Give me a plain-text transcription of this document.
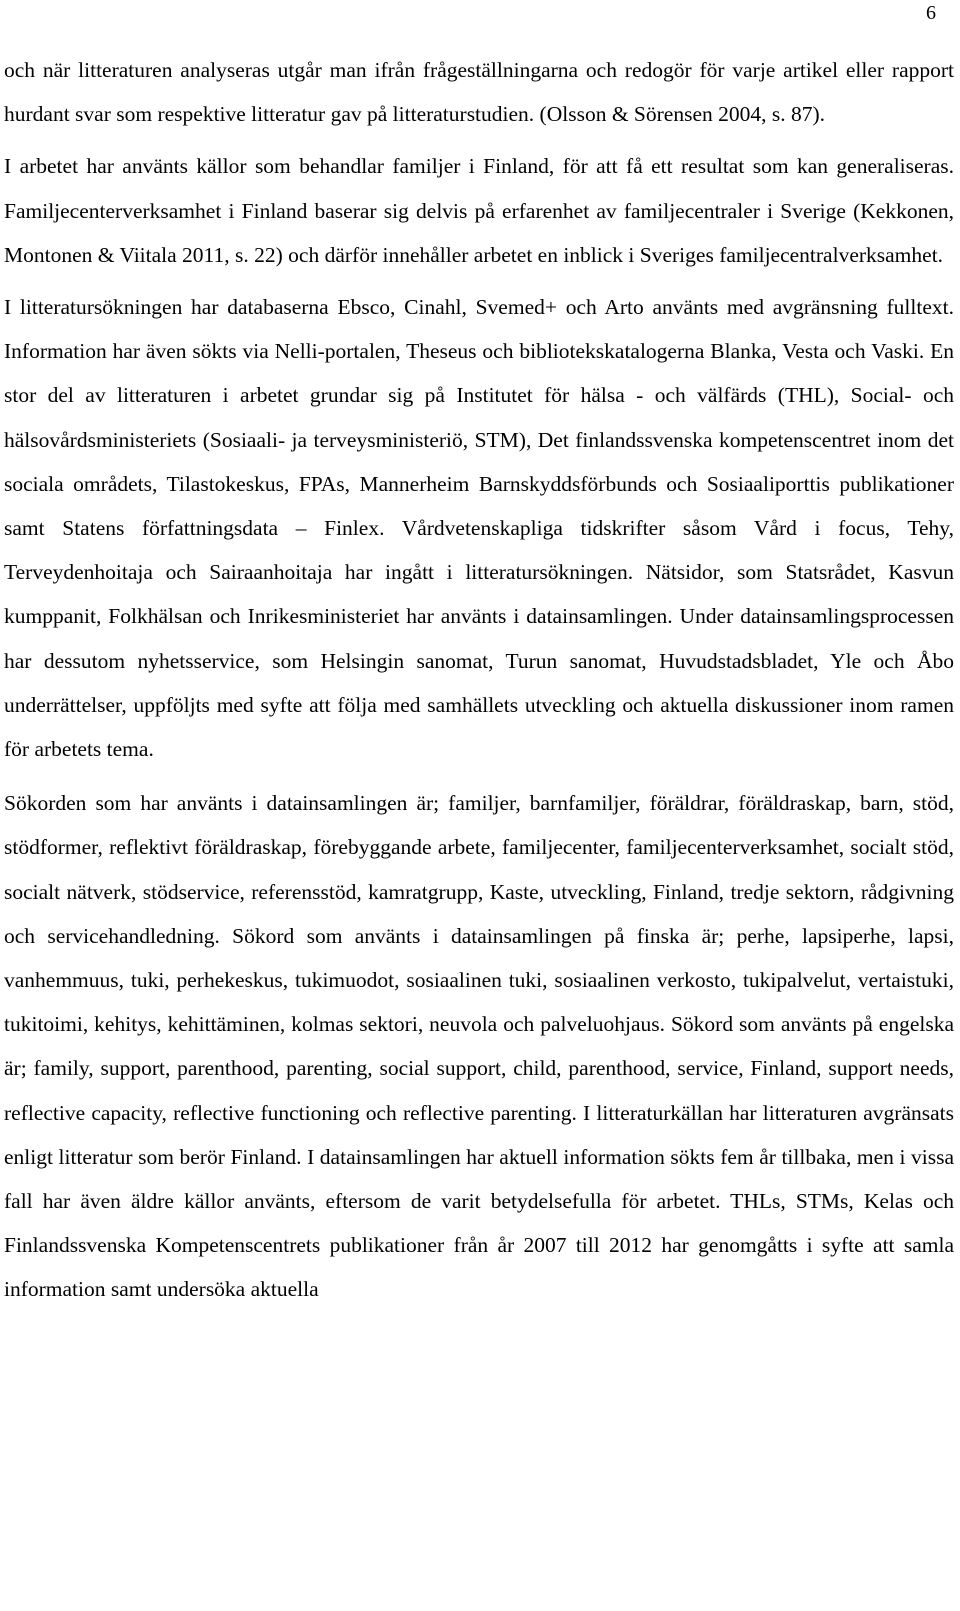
6

och när litteraturen analyseras utgår man ifrån frågeställningarna och redogör för varje artikel eller rapport hurdant svar som respektive litteratur gav på litteraturstudien. (Olsson & Sörensen 2004, s. 87).

I arbetet har använts källor som behandlar familjer i Finland, för att få ett resultat som kan generaliseras. Familjecenterverksamhet i Finland baserar sig delvis på erfarenhet av familjecentraler i Sverige (Kekkonen, Montonen & Viitala 2011, s. 22) och därför innehåller arbetet en inblick i Sveriges familjecentralverksamhet.

I litteratursökningen har databaserna Ebsco, Cinahl, Svemed+ och Arto använts med avgränsning fulltext. Information har även sökts via Nelli-portalen, Theseus och bibliotekskatalogerna Blanka, Vesta och Vaski. En stor del av litteraturen i arbetet grundar sig på Institutet för hälsa - och välfärds (THL), Social- och hälsovårdsministeriets (Sosiaali- ja terveysministeriö, STM), Det finlandssvenska kompetenscentret inom det sociala områdets, Tilastokeskus, FPAs, Mannerheim Barnskyddsförbunds och Sosiaaliporttis publikationer samt Statens författningsdata – Finlex. Vårdvetenskapliga tidskrifter såsom Vård i focus, Tehy, Terveydenhoitaja och Sairaanhoitaja har ingått i litteratursökningen. Nätsidor, som Statsrådet, Kasvun kumppanit, Folkhälsan och Inrikesministeriet har använts i datainsamlingen. Under datainsamlingsprocessen har dessutom nyhetsservice, som Helsingin sanomat, Turun sanomat, Huvudstadsbladet, Yle och Åbo underrättelser, uppföljts med syfte att följa med samhällets utveckling och aktuella diskussioner inom ramen för arbetets tema.

Sökorden som har använts i datainsamlingen är; familjer, barnfamiljer, föräldrar, föräldraskap, barn, stöd, stödformer, reflektivt föräldraskap, förebyggande arbete, familjecenter, familjecenterverksamhet, socialt stöd, socialt nätverk, stödservice, referensstöd, kamratgrupp, Kaste, utveckling, Finland, tredje sektorn, rådgivning och servicehandledning. Sökord som använts i datainsamlingen på finska är; perhe, lapsiperhe, lapsi, vanhemmuus, tuki, perhekeskus, tukimuodot, sosiaalinen tuki, sosiaalinen verkosto, tukipalvelut, vertaistuki, tukitoimi, kehitys, kehittäminen, kolmas sektori, neuvola och palveluohjaus. Sökord som använts på engelska är; family, support, parenthood, parenting, social support, child, parenthood, service, Finland, support needs, reflective capacity, reflective functioning och reflective parenting. I litteraturkällan har litteraturen avgränsats enligt litteratur som berör Finland. I datainsamlingen har aktuell information sökts fem år tillbaka, men i vissa fall har även äldre källor använts, eftersom de varit betydelsefulla för arbetet. THLs, STMs, Kelas och Finlandssvenska Kompetenscentrets publikationer från år 2007 till 2012 har genomgåtts i syfte att samla information samt undersöka aktuella
